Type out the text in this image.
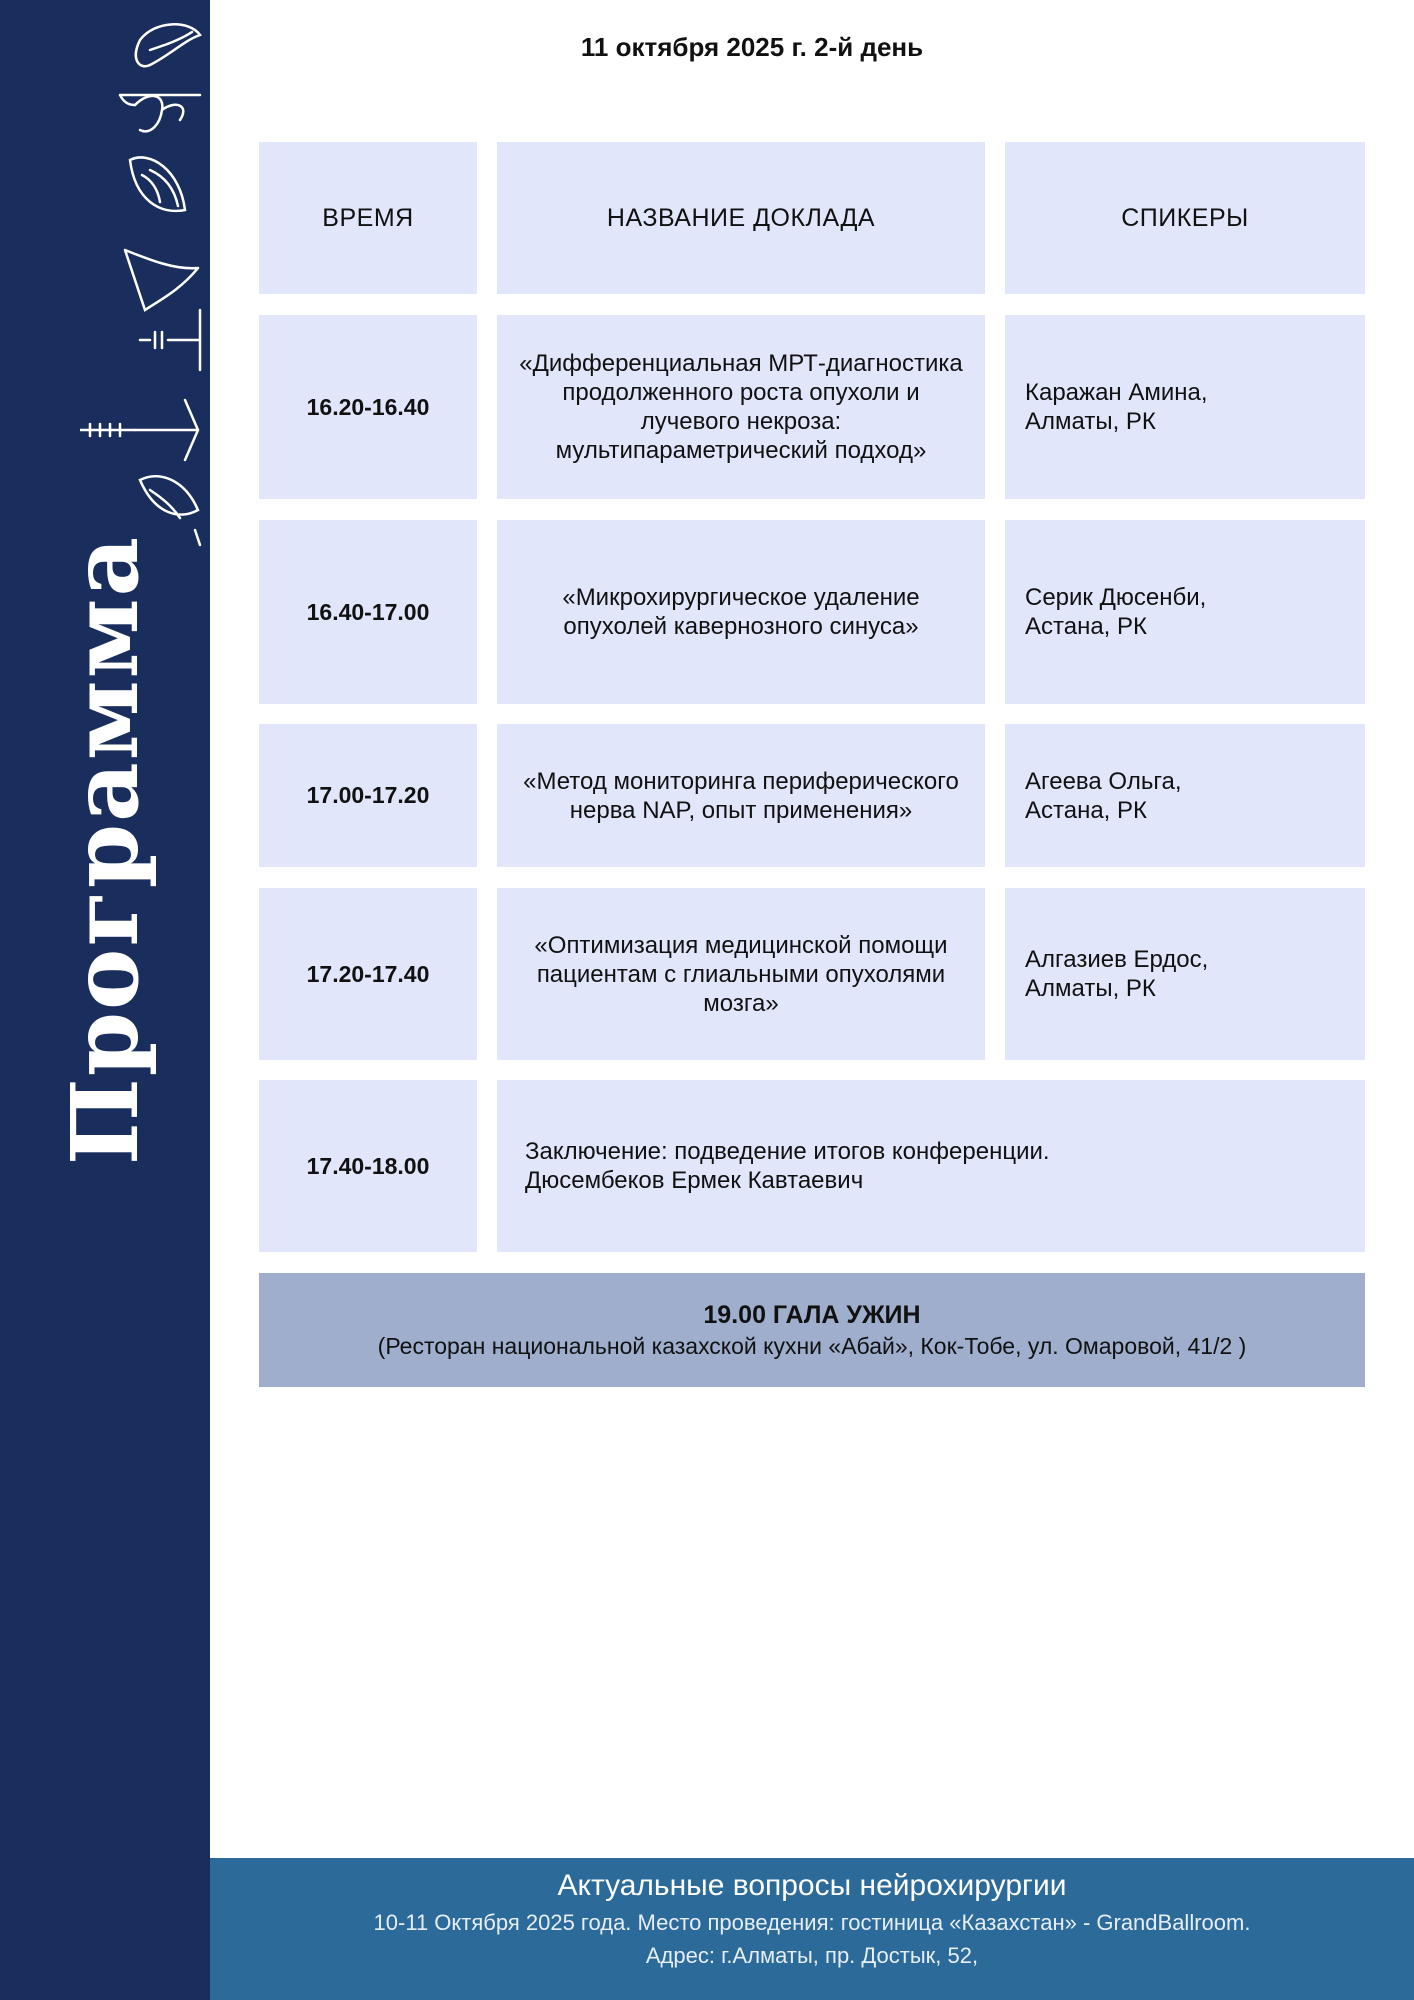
Программа
11 октября 2025 г. 2-й день
ВРЕМЯ	НАЗВАНИЕ ДОКЛАДА	СПИКЕРЫ
16.20-16.40
«Дифференциальная МРТ-диагностика продолженного роста опухоли и лучевого некроза: мультипараметрический подход»
Каражан Амина,
Алматы, РК
16.40-17.00
«Микрохирургическое удаление опухолей кавернозного синуса»
Серик Дюсенби,
Астана, РК
17.00-17.20
«Метод мониторинга периферического нерва NAP, опыт применения»
Агеева Ольга,
Астана, РК
17.20-17.40
«Оптимизация медицинской помощи пациентам с глиальными опухолями мозга»
Алгазиев Ердос,
Алматы, РК
17.40-18.00
Заключение: подведение итогов конференции.
Дюсембеков Ермек Кавтаевич
19.00 ГАЛА УЖИН
(Ресторан национальной казахской кухни «Абай», Кок-Тобе, ул. Омаровой, 41/2 )
Актуальные вопросы нейрохирургии
10-11 Октября 2025 года. Место проведения: гостиница «Казахстан» - GrandBallroom.
Адрес: г.Алматы, пр. Достык, 52,
